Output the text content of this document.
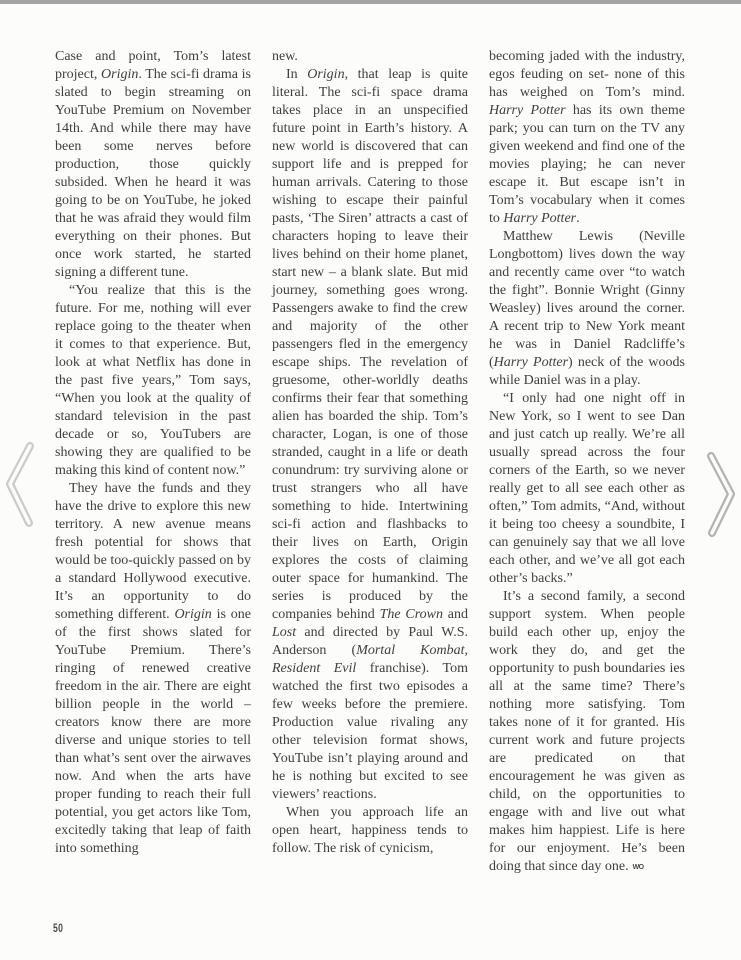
Case and point, Tom’s latest project, Origin. The sci-fi drama is slated to begin streaming on YouTube Premium on November 14th. And while there may have been some nerves before production, those quickly subsided. When he heard it was going to be on YouTube, he joked that he was afraid they would film everything on their phones. But once work started, he started signing a different tune.

“You realize that this is the future. For me, nothing will ever replace going to the theater when it comes to that experience. But, look at what Netflix has done in the past five years,” Tom says, “When you look at the quality of standard television in the past decade or so, YouTubers are showing they are qualified to be making this kind of content now.”

They have the funds and they have the drive to explore this new territory. A new avenue means fresh potential for shows that would be too-quickly passed on by a standard Hollywood executive. It’s an opportunity to do something different. Origin is one of the first shows slated for YouTube Premium. There’s ringing of renewed creative freedom in the air. There are eight billion people in the world – creators know there are more diverse and unique stories to tell than what’s sent over the airwaves now. And when the arts have proper funding to reach their full potential, you get actors like Tom, excitedly taking that leap of faith into something

new.

In Origin, that leap is quite literal. The sci-fi space drama takes place in an unspecified future point in Earth’s history. A new world is discovered that can support life and is prepped for human arrivals. Catering to those wishing to escape their painful pasts, ‘The Siren’ attracts a cast of characters hoping to leave their lives behind on their home planet, start new – a blank slate. But mid journey, something goes wrong. Passengers awake to find the crew and majority of the other passengers fled in the emergency escape ships. The revelation of gruesome, other-worldly deaths confirms their fear that something alien has boarded the ship. Tom’s character, Logan, is one of those stranded, caught in a life or death conundrum: try surviving alone or trust strangers who all have something to hide. Intertwining sci-fi action and flashbacks to their lives on Earth, Origin explores the costs of claiming outer space for humankind. The series is produced by the companies behind The Crown and Lost and directed by Paul W.S. Anderson (Mortal Kombat, Resident Evil franchise). Tom watched the first two episodes a few weeks before the premiere. Production value rivaling any other television format shows, YouTube isn’t playing around and he is nothing but excited to see viewers’ reactions.

When you approach life an open heart, happiness tends to follow. The risk of cynicism,

becoming jaded with the industry, egos feuding on set- none of this has weighed on Tom’s mind. Harry Potter has its own theme park; you can turn on the TV any given weekend and find one of the movies playing; he can never escape it. But escape isn’t in Tom’s vocabulary when it comes to Harry Potter.

Matthew Lewis (Neville Longbottom) lives down the way and recently came over “to watch the fight”. Bonnie Wright (Ginny Weasley) lives around the corner. A recent trip to New York meant he was in Daniel Radcliffe’s (Harry Potter) neck of the woods while Daniel was in a play.

“I only had one night off in New York, so I went to see Dan and just catch up really. We’re all usually spread across the four corners of the Earth, so we never really get to all see each other as often,” Tom admits, “And, without it being too cheesy a soundbite, I can genuinely say that we all love each other, and we’ve all got each other’s backs.”

It’s a second family, a second support system. When people build each other up, enjoy the work they do, and get the opportunity to push boundaries ies all at the same time? There’s nothing more satisfying. Tom takes none of it for granted. His current work and future projects are predicated on that encouragement he was given as child, on the opportunities to engage with and live out what makes him happiest. Life is here for our enjoyment. He’s been doing that since day one. WO

50
